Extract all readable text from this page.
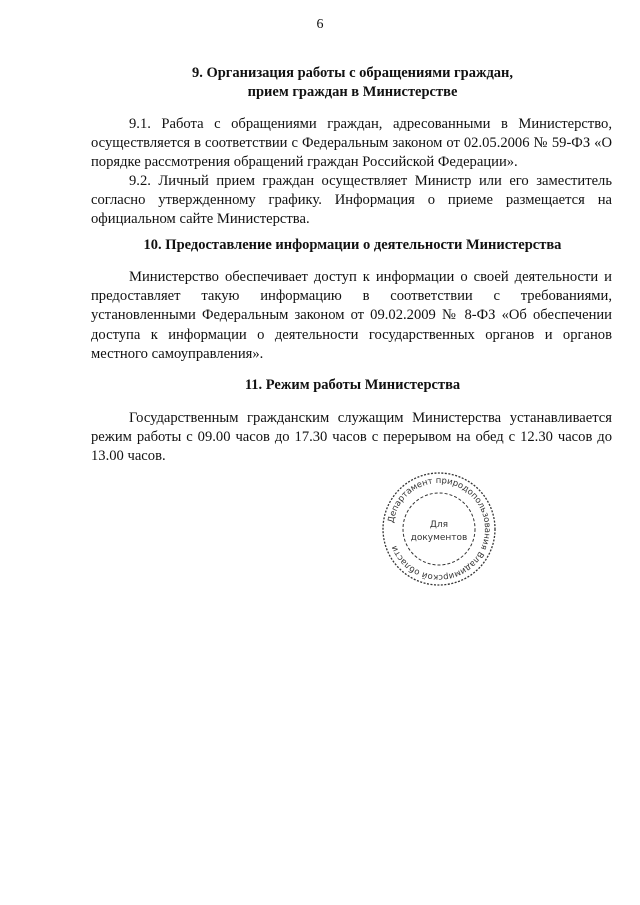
6
9. Организация работы с обращениями граждан,
прием граждан в Министерстве
9.1. Работа с обращениями граждан, адресованными в Министерство, осуществляется в соответствии с Федеральным законом от 02.05.2006 № 59-ФЗ «О порядке рассмотрения обращений граждан Российской Федерации».
9.2. Личный прием граждан осуществляет Министр или его заместитель согласно утвержденному графику. Информация о приеме размещается на официальном сайте Министерства.
10. Предоставление информации о деятельности Министерства
Министерство обеспечивает доступ к информации о своей деятельности и предоставляет такую информацию в соответствии с требованиями, установленными Федеральным законом от 09.02.2009 № 8-ФЗ «Об обеспечении доступа к информации о деятельности государственных органов и органов местного самоуправления».
11. Режим работы Министерства
Государственным гражданским служащим Министерства устанавливается режим работы с 09.00 часов до 17.30 часов с перерывом на обед с 12.30 часов до 13.00 часов.
Департамент природопользования Владимирской области
Для
документов
